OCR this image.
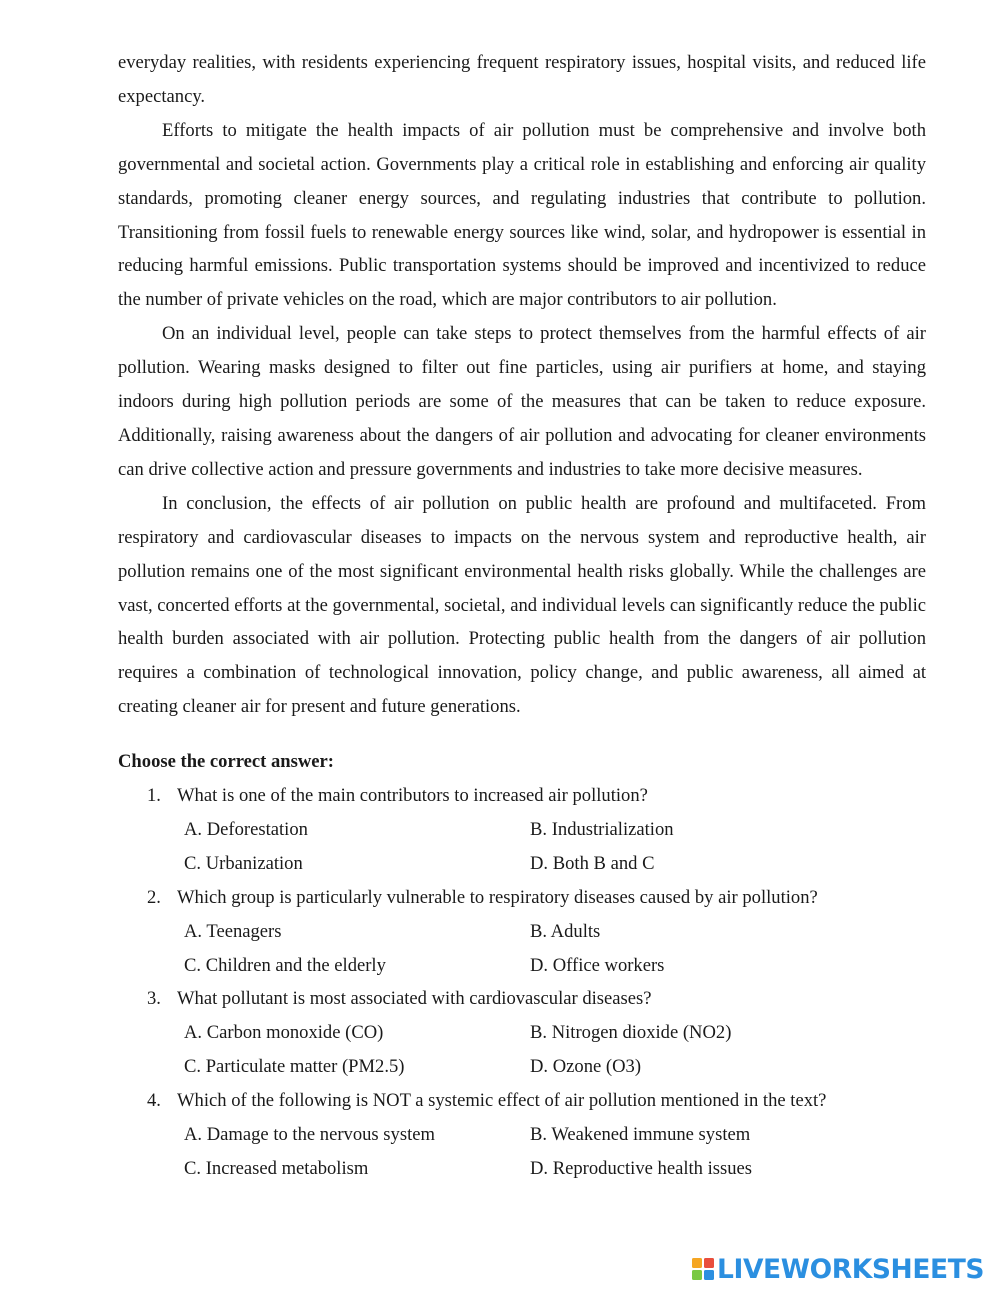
everyday realities, with residents experiencing frequent respiratory issues, hospital visits, and reduced life expectancy.

Efforts to mitigate the health impacts of air pollution must be comprehensive and involve both governmental and societal action. Governments play a critical role in establishing and enforcing air quality standards, promoting cleaner energy sources, and regulating industries that contribute to pollution. Transitioning from fossil fuels to renewable energy sources like wind, solar, and hydropower is essential in reducing harmful emissions. Public transportation systems should be improved and incentivized to reduce the number of private vehicles on the road, which are major contributors to air pollution.

On an individual level, people can take steps to protect themselves from the harmful effects of air pollution. Wearing masks designed to filter out fine particles, using air purifiers at home, and staying indoors during high pollution periods are some of the measures that can be taken to reduce exposure. Additionally, raising awareness about the dangers of air pollution and advocating for cleaner environments can drive collective action and pressure governments and industries to take more decisive measures.

In conclusion, the effects of air pollution on public health are profound and multifaceted. From respiratory and cardiovascular diseases to impacts on the nervous system and reproductive health, air pollution remains one of the most significant environmental health risks globally. While the challenges are vast, concerted efforts at the governmental, societal, and individual levels can significantly reduce the public health burden associated with air pollution. Protecting public health from the dangers of air pollution requires a combination of technological innovation, policy change, and public awareness, all aimed at creating cleaner air for present and future generations.

Choose the correct answer:

1. What is one of the main contributors to increased air pollution?
A. Deforestation	B. Industrialization
C. Urbanization	D. Both B and C
2. Which group is particularly vulnerable to respiratory diseases caused by air pollution?
A. Teenagers	B. Adults
C. Children and the elderly	D. Office workers
3. What pollutant is most associated with cardiovascular diseases?
A. Carbon monoxide (CO)	B. Nitrogen dioxide (NO2)
C. Particulate matter (PM2.5)	D. Ozone (O3)
4. Which of the following is NOT a systemic effect of air pollution mentioned in the text?
A. Damage to the nervous system	B. Weakened immune system
C. Increased metabolism	D. Reproductive health issues
LIVEWORKSHEETS
